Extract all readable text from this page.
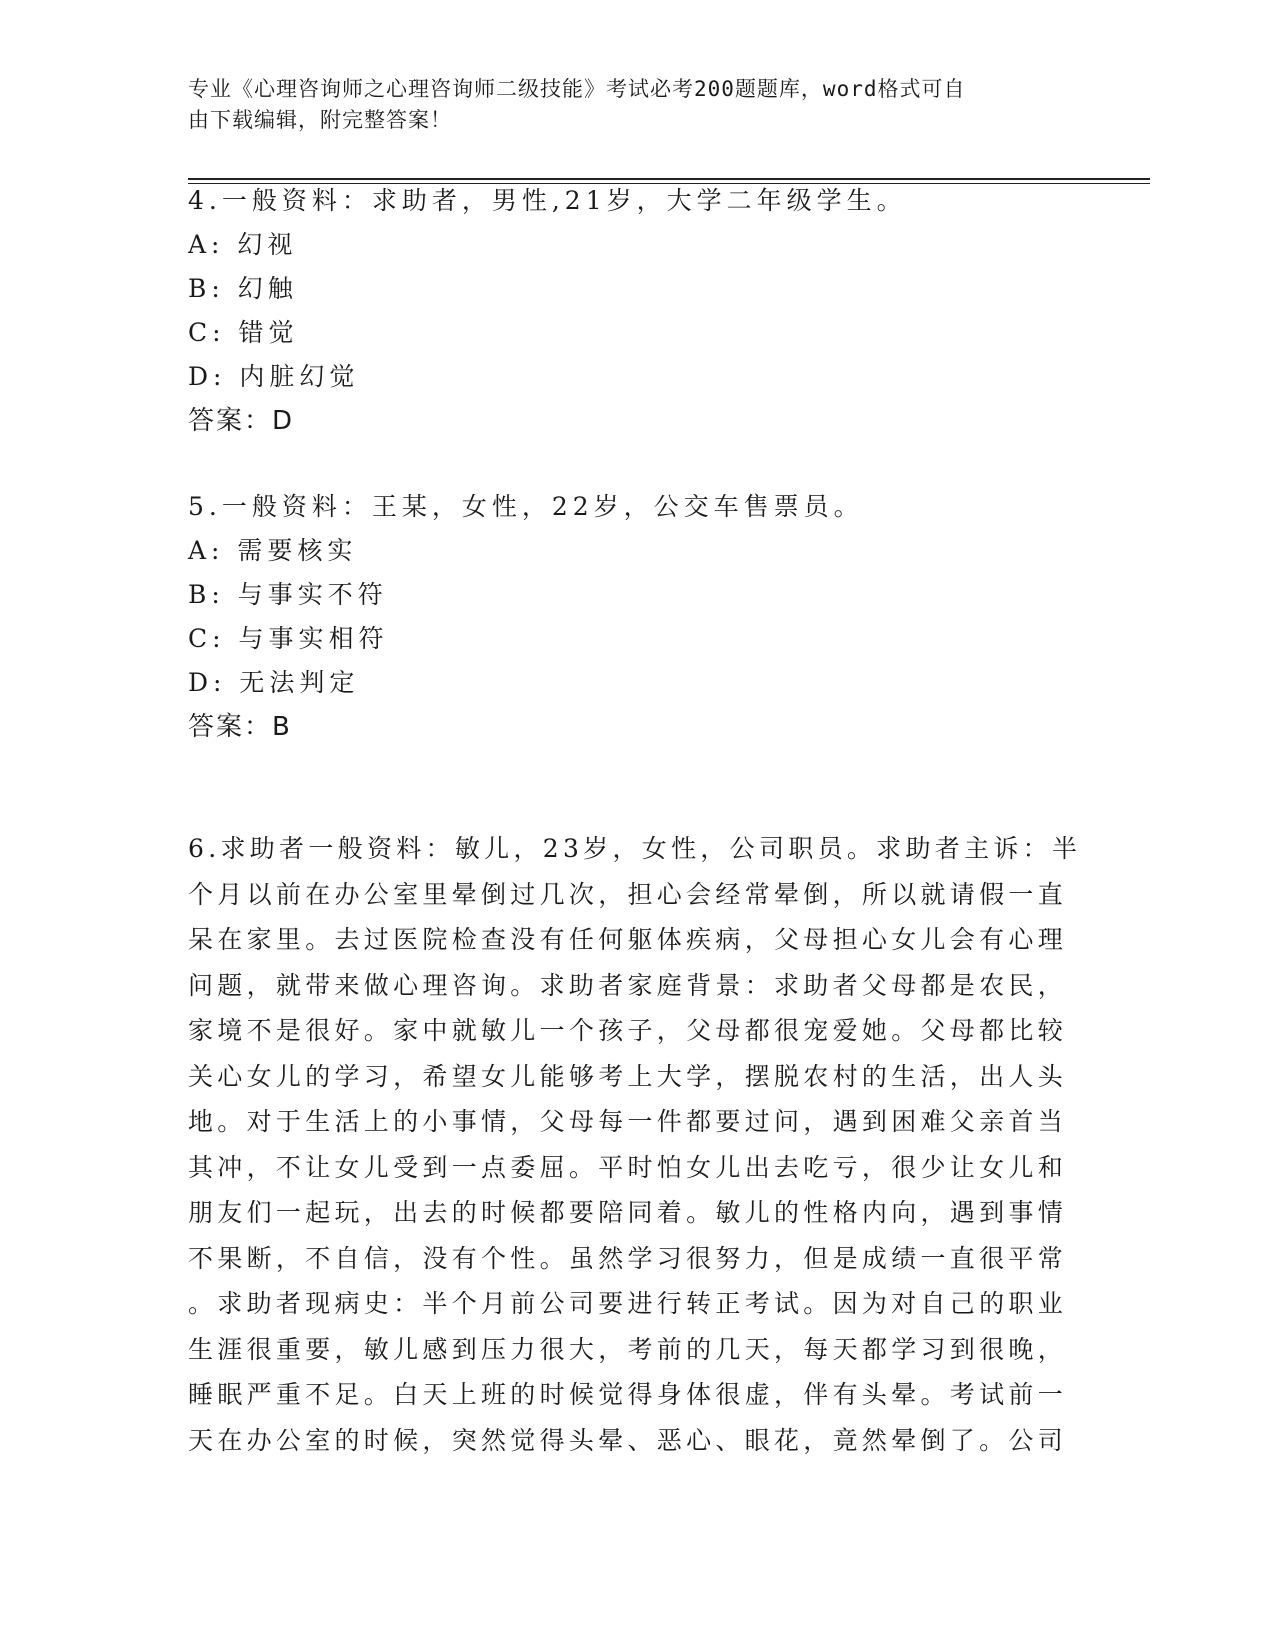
专业《心理咨询师之心理咨询师二级技能》考试必考200题题库，word格式可自
由下载编辑，附完整答案！
4.一般资料：求助者，男性,21岁，大学二年级学生。
A: 幻视
B: 幻触
C: 错觉
D: 内脏幻觉
答案：D
5.一般资料：王某，女性，22岁，公交车售票员。
A: 需要核实
B: 与事实不符
C: 与事实相符
D: 无法判定
答案：B
6.求助者一般资料：敏儿，23岁，女性，公司职员。求助者主诉：半
个月以前在办公室里晕倒过几次，担心会经常晕倒，所以就请假一直
呆在家里。去过医院检查没有任何躯体疾病，父母担心女儿会有心理
问题，就带来做心理咨询。求助者家庭背景：求助者父母都是农民，
家境不是很好。家中就敏儿一个孩子，父母都很宠爱她。父母都比较
关心女儿的学习，希望女儿能够考上大学，摆脱农村的生活，出人头
地。对于生活上的小事情，父母每一件都要过问，遇到困难父亲首当
其冲，不让女儿受到一点委屈。平时怕女儿出去吃亏，很少让女儿和
朋友们一起玩，出去的时候都要陪同着。敏儿的性格内向，遇到事情
不果断，不自信，没有个性。虽然学习很努力，但是成绩一直很平常
。求助者现病史：半个月前公司要进行转正考试。因为对自己的职业
生涯很重要，敏儿感到压力很大，考前的几天，每天都学习到很晚，
睡眠严重不足。白天上班的时候觉得身体很虚，伴有头晕。考试前一
天在办公室的时候，突然觉得头晕、恶心、眼花，竟然晕倒了。公司
